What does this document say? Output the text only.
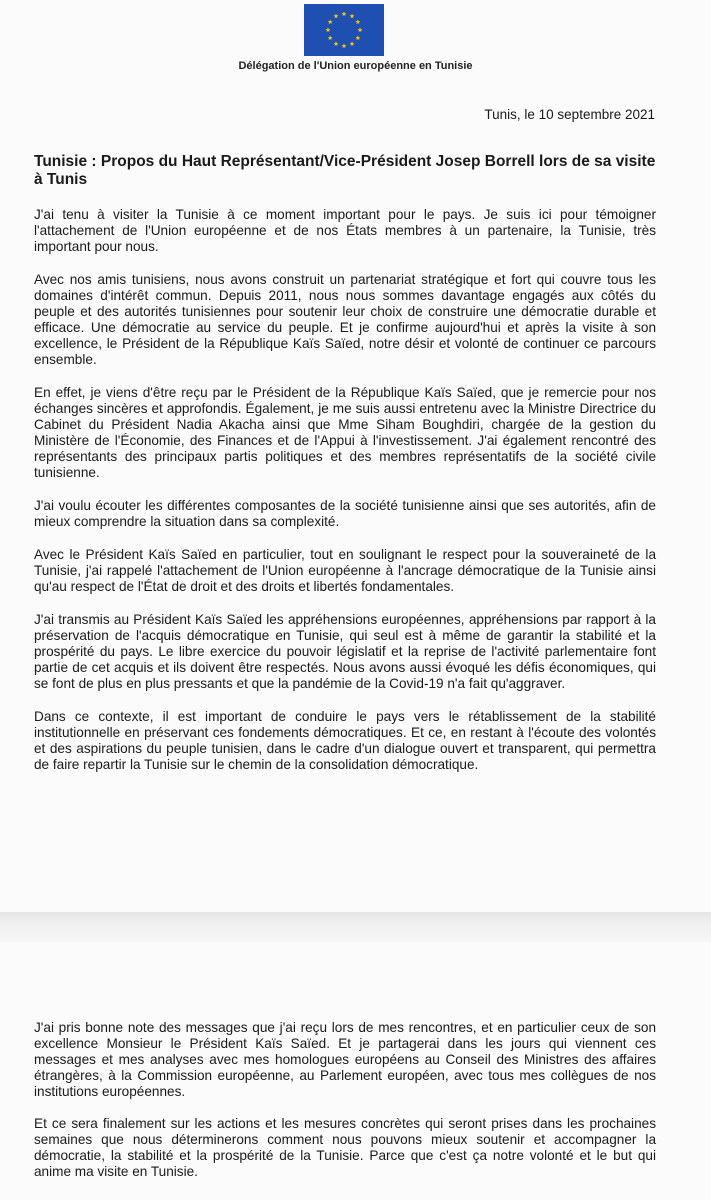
Délégation de l'Union européenne en Tunisie
Tunis, le 10 septembre 2021
Tunisie : Propos du Haut Représentant/Vice-Président Josep Borrell lors de sa visite à Tunis

J'ai tenu à visiter la Tunisie à ce moment important pour le pays. Je suis ici pour témoigner l'attachement de l'Union européenne et de nos États membres à un partenaire, la Tunisie, très important pour nous.

Avec nos amis tunisiens, nous avons construit un partenariat stratégique et fort qui couvre tous les domaines d'intérêt commun. Depuis 2011, nous nous sommes davantage engagés aux côtés du peuple et des autorités tunisiennes pour soutenir leur choix de construire une démocratie durable et efficace. Une démocratie au service du peuple. Et je confirme aujourd'hui et après la visite à son excellence, le Président de la République Kaïs Saïed, notre désir et volonté de continuer ce parcours ensemble.

En effet, je viens d'être reçu par le Président de la République Kaïs Saïed, que je remercie pour nos échanges sincères et approfondis. Également, je me suis aussi entretenu avec la Ministre Directrice du Cabinet du Président Nadia Akacha ainsi que Mme Siham Boughdiri, chargée de la gestion du Ministère de l'Économie, des Finances et de l'Appui à l'investissement. J'ai également rencontré des représentants des principaux partis politiques et des membres représentatifs de la société civile tunisienne.

J'ai voulu écouter les différentes composantes de la société tunisienne ainsi que ses autorités, afin de mieux comprendre la situation dans sa complexité.

Avec le Président Kaïs Saïed en particulier, tout en soulignant le respect pour la souveraineté de la Tunisie, j'ai rappelé l'attachement de l'Union européenne à l'ancrage démocratique de la Tunisie ainsi qu'au respect de l'État de droit et des droits et libertés fondamentales.

J'ai transmis au Président Kaïs Saïed les appréhensions européennes, appréhensions par rapport à la préservation de l'acquis démocratique en Tunisie, qui seul est à même de garantir la stabilité et la prospérité du pays. Le libre exercice du pouvoir législatif et la reprise de l'activité parlementaire font partie de cet acquis et ils doivent être respectés. Nous avons aussi évoqué les défis économiques, qui se font de plus en plus pressants et que la pandémie de la Covid-19 n'a fait qu'aggraver.

Dans ce contexte, il est important de conduire le pays vers le rétablissement de la stabilité institutionnelle en préservant ces fondements démocratiques. Et ce, en restant à l'écoute des volontés et des aspirations du peuple tunisien, dans le cadre d'un dialogue ouvert et transparent, qui permettra de faire repartir la Tunisie sur le chemin de la consolidation démocratique.

J'ai pris bonne note des messages que j'ai reçu lors de mes rencontres, et en particulier ceux de son excellence Monsieur le Président Kaïs Saïed. Et je partagerai dans les jours qui viennent ces messages et mes analyses avec mes homologues européens au Conseil des Ministres des affaires étrangères, à la Commission européenne, au Parlement européen, avec tous mes collègues de nos institutions européennes.

Et ce sera finalement sur les actions et les mesures concrètes qui seront prises dans les prochaines semaines que nous déterminerons comment nous pouvons mieux soutenir et accompagner la démocratie, la stabilité et la prospérité de la Tunisie. Parce que c'est ça notre volonté et le but qui anime ma visite en Tunisie.
